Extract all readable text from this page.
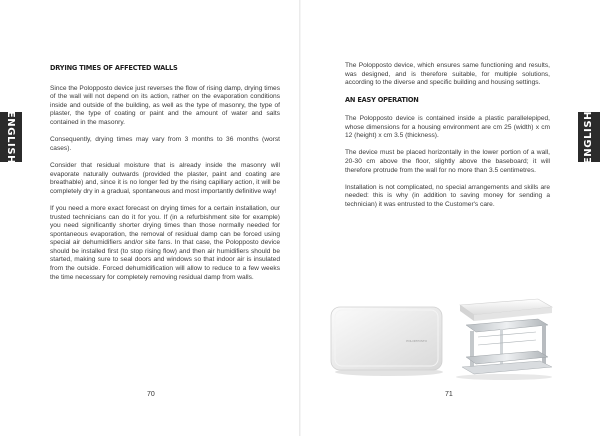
ENGLISH	ENGLISH
DRYING TIMES OF AFFECTED WALLS

Since the Polopposto device just reverses the flow of rising damp, drying times of the wall will not depend on its action, rather on the evaporation conditions inside and outside of the building, as well as the type of masonry, the type of plaster, the type of coating or paint and the amount of water and salts contained in the masonry.

Consequently, drying times may vary from 3 months to 36 months (worst cases).

Consider that residual moisture that is already inside the masonry will evaporate naturally outwards (provided the plaster, paint and coating are breathable) and, since it is no longer fed by the rising capillary action, it will be completely dry in a gradual, spontaneous and most importantly definitive way!

If you need a more exact forecast on drying times for a certain installation, our trusted technicians can do it for you. If (in a refurbishment site for example) you need significantly shorter drying times than those normally needed for spontaneous evaporation, the removal of residual damp can be forced using special air dehumidifiers and/or site fans. In that case, the Polopposto device should be installed first (to stop rising flow) and then air humidifiers should be started, making sure to seal doors and windows so that indoor air is insulated from the outside. Forced dehumidification will allow to reduce to a few weeks the time necessary for completely removing residual damp from walls.

70

The Polopposto device, which ensures same functioning and results, was designed, and is therefore suitable, for multiple solutions, according to the diverse and specific building and housing settings.

AN EASY OPERATION

The Polopposto device is contained inside a plastic parallelepiped, whose dimensions for a housing environment are cm 25 (width) x cm 12 (height) x cm 3.5 (thickness).

The device must be placed horizontally in the lower portion of a wall, 20-30 cm above the floor, slightly above the baseboard; it will therefore protrude from the wall for no more than 3.5 centimetres.

Installation is not complicated, no special arrangements and skills are needed: this is why (in addition to saving money for sending a technician) it was entrusted to the Customer's care.

POLOPPOSTO
71
